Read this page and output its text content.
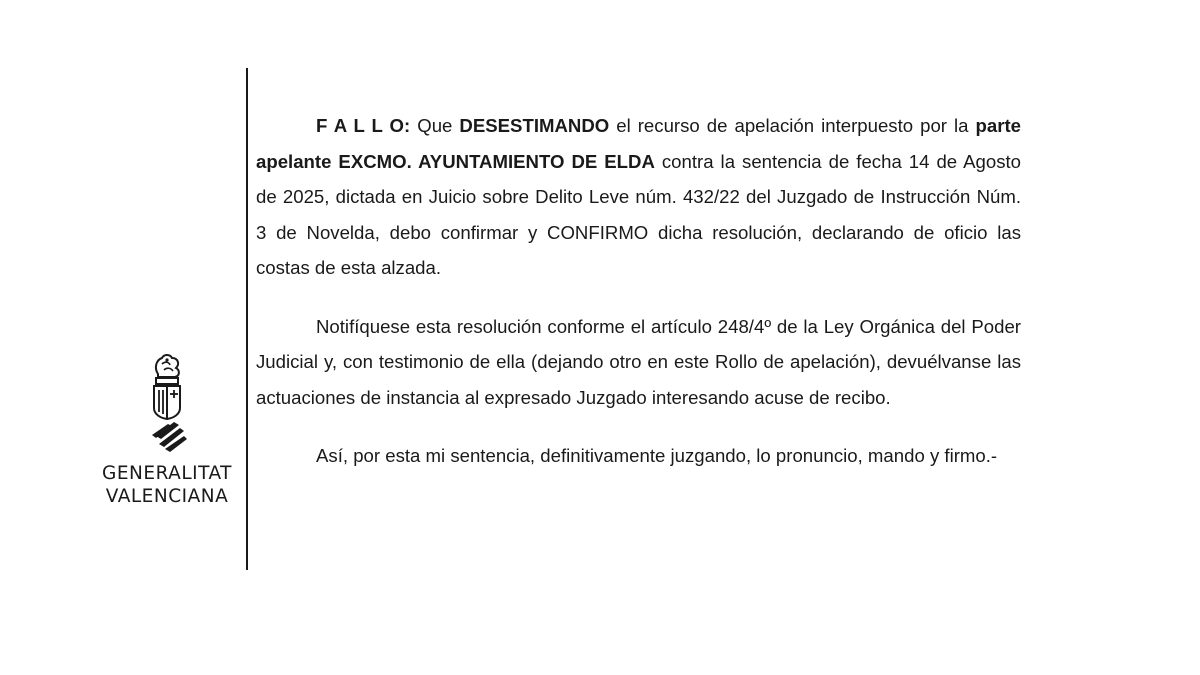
GENERALITAT
VALENCIANA

F A L L O: Que DESESTIMANDO el recurso de apelación interpuesto por la parte apelante EXCMO. AYUNTAMIENTO DE ELDA contra la sentencia de fecha 14 de Agosto de 2025, dictada en Juicio sobre Delito Leve núm. 432/22 del Juzgado de Instrucción Núm. 3 de Novelda, debo confirmar y CONFIRMO dicha resolución, declarando de oficio las costas de esta alzada.

Notifíquese esta resolución conforme el artículo 248/4º de la Ley Orgánica del Poder Judicial y, con testimonio de ella (dejando otro en este Rollo de apelación), devuélvanse las actuaciones de instancia al expresado Juzgado interesando acuse de recibo.

Así, por esta mi sentencia, definitivamente juzgando, lo pronuncio, mando y firmo.-
